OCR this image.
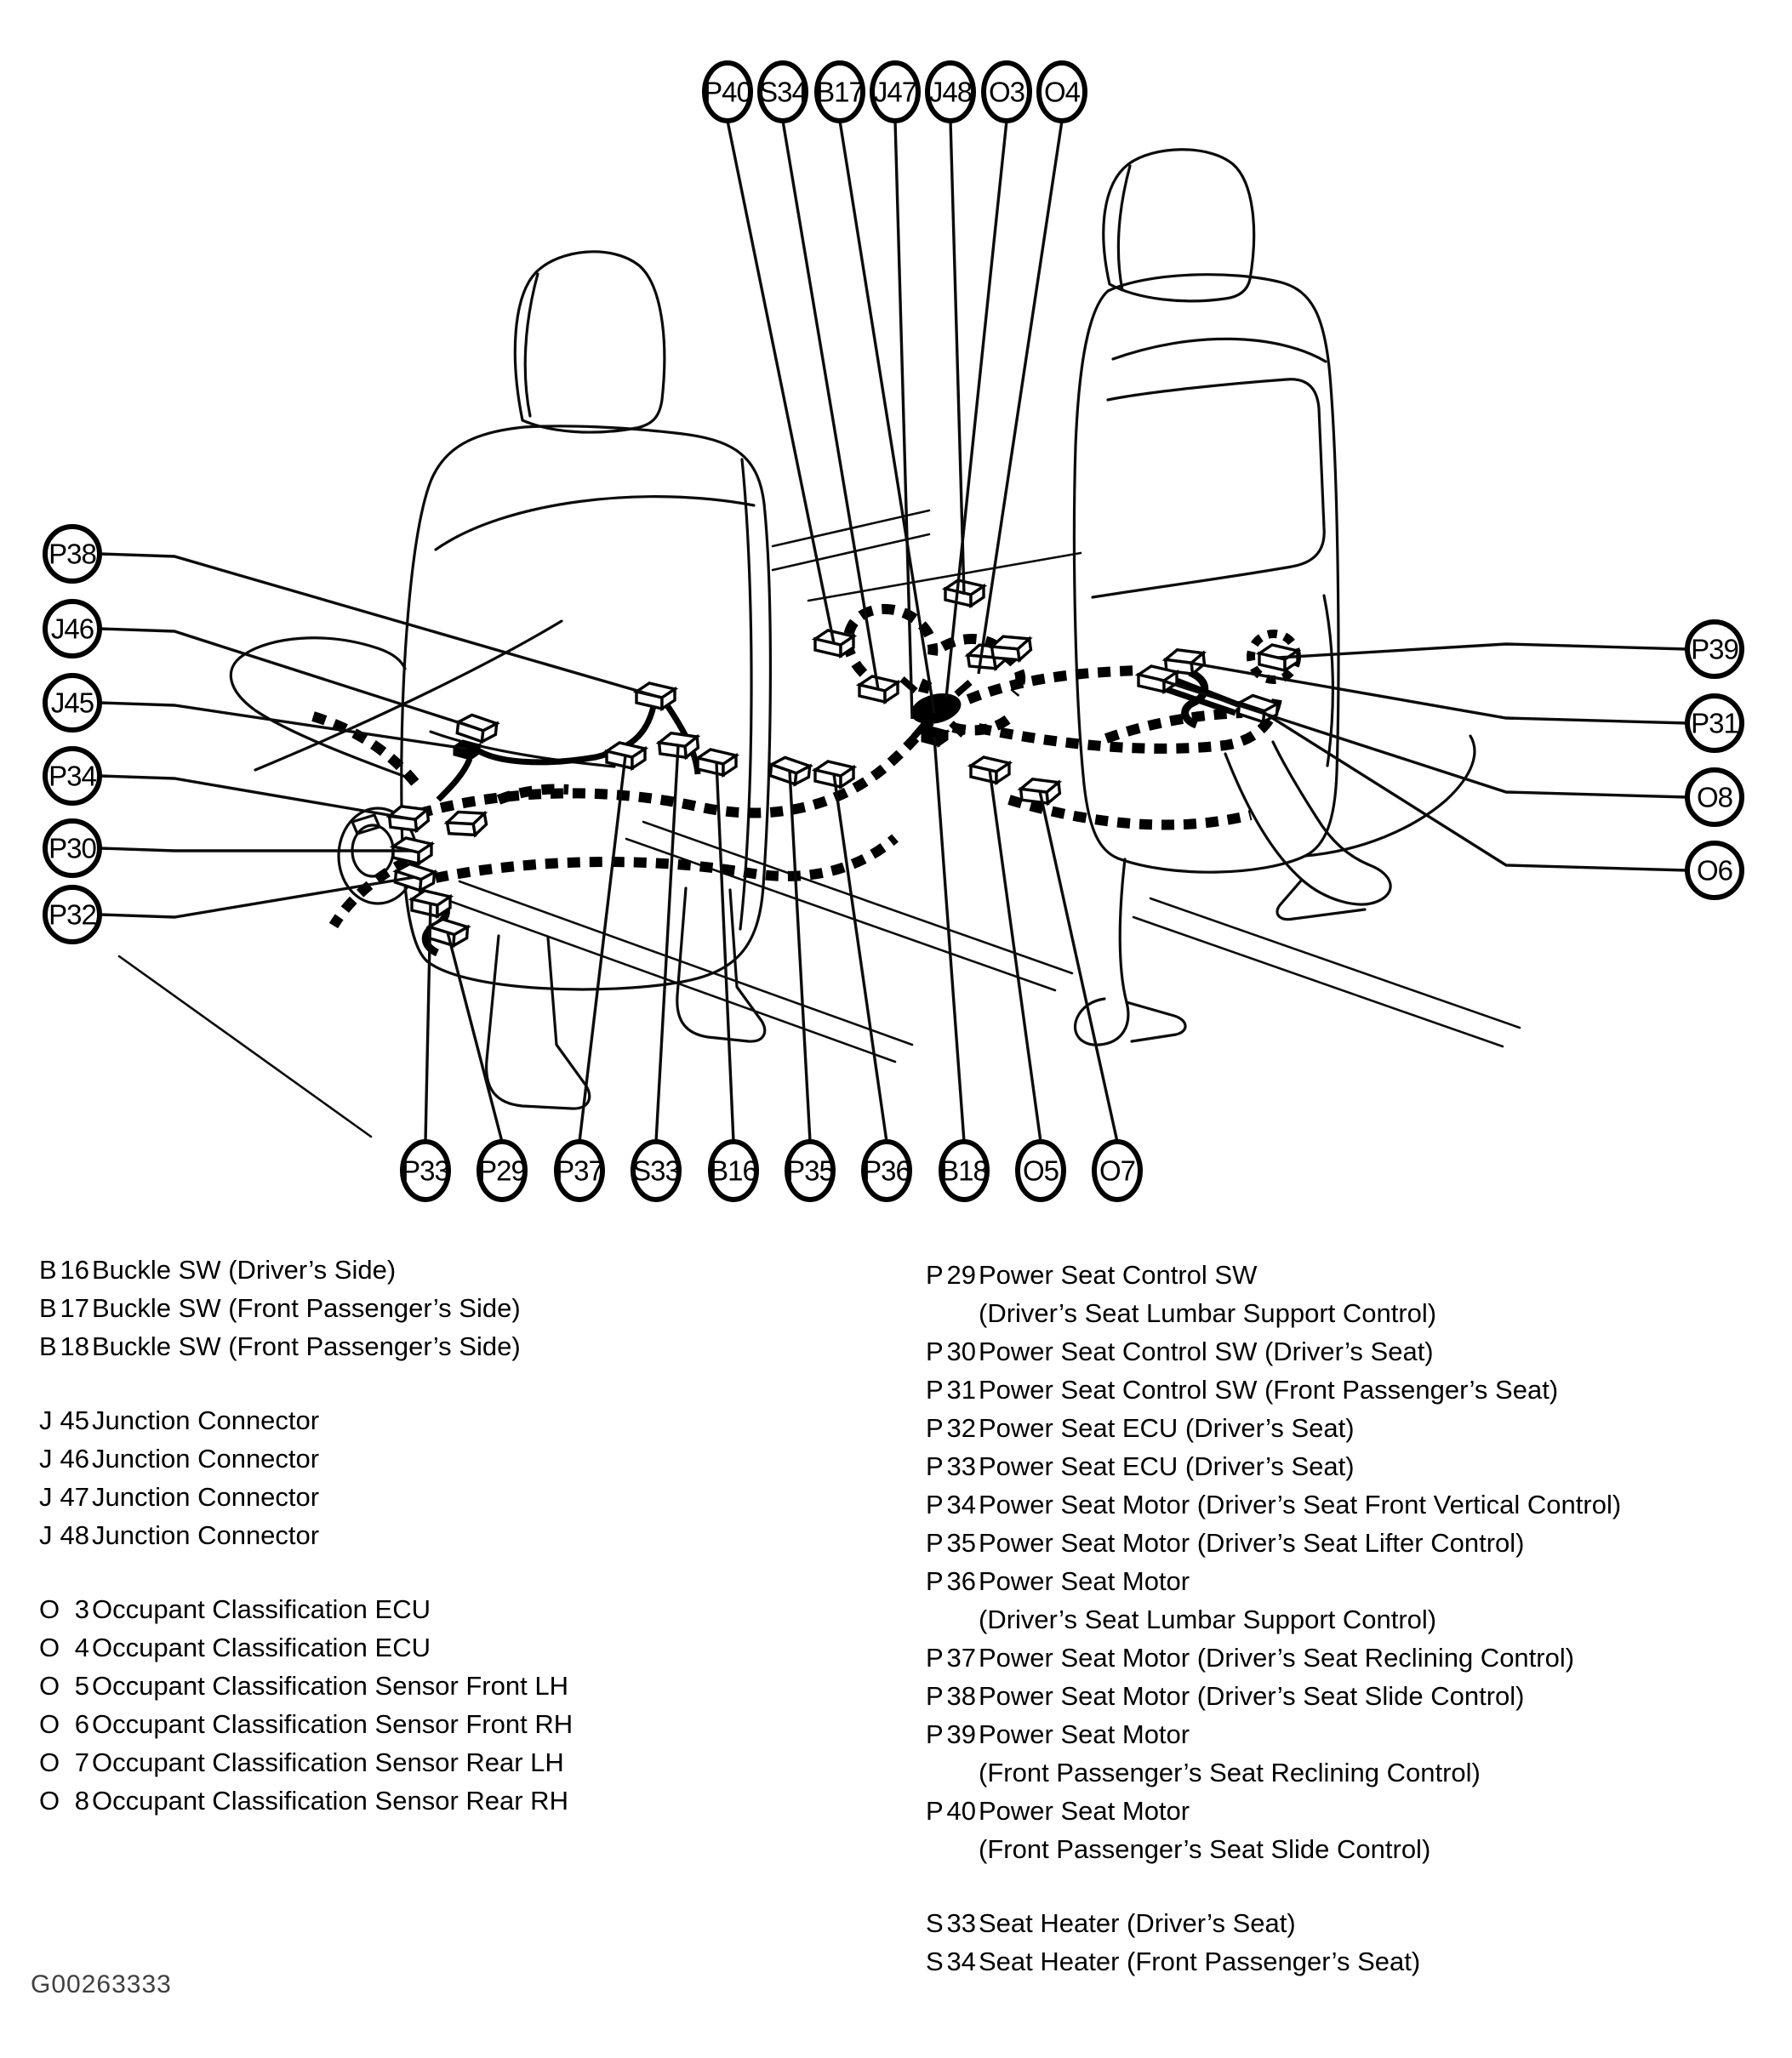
P40 S34 B17 J47 J48 O3 O4
P33 P29 P37 S33 B16 P35 P36 B18 O5 O7
P38
J46
J45
P34
P30
P32
P39
P31
O8
O6
B 16 Buckle SW (Driver’s Side)
B 17 Buckle SW (Front Passenger’s Side)
B 18 Buckle SW (Front Passenger’s Side)
J 45 Junction Connector
J 46 Junction Connector
J 47 Junction Connector
J 48 Junction Connector
O 3 Occupant Classification ECU
O 4 Occupant Classification ECU
O 5 Occupant Classification Sensor Front LH
O 6 Occupant Classification Sensor Front RH
O 7 Occupant Classification Sensor Rear LH
O 8 Occupant Classification Sensor Rear RH
P 29 Power Seat Control SW
(Driver’s Seat Lumbar Support Control)
P 30 Power Seat Control SW (Driver’s Seat)
P 31 Power Seat Control SW (Front Passenger’s Seat)
P 32 Power Seat ECU (Driver’s Seat)
P 33 Power Seat ECU (Driver’s Seat)
P 34 Power Seat Motor (Driver’s Seat Front Vertical Control)
P 35 Power Seat Motor (Driver’s Seat Lifter Control)
P 36 Power Seat Motor
(Driver’s Seat Lumbar Support Control)
P 37 Power Seat Motor (Driver’s Seat Reclining Control)
P 38 Power Seat Motor (Driver’s Seat Slide Control)
P 39 Power Seat Motor
(Front Passenger’s Seat Reclining Control)
P 40 Power Seat Motor
(Front Passenger’s Seat Slide Control)
S 33 Seat Heater (Driver’s Seat)
S 34 Seat Heater (Front Passenger’s Seat)
G00263333
